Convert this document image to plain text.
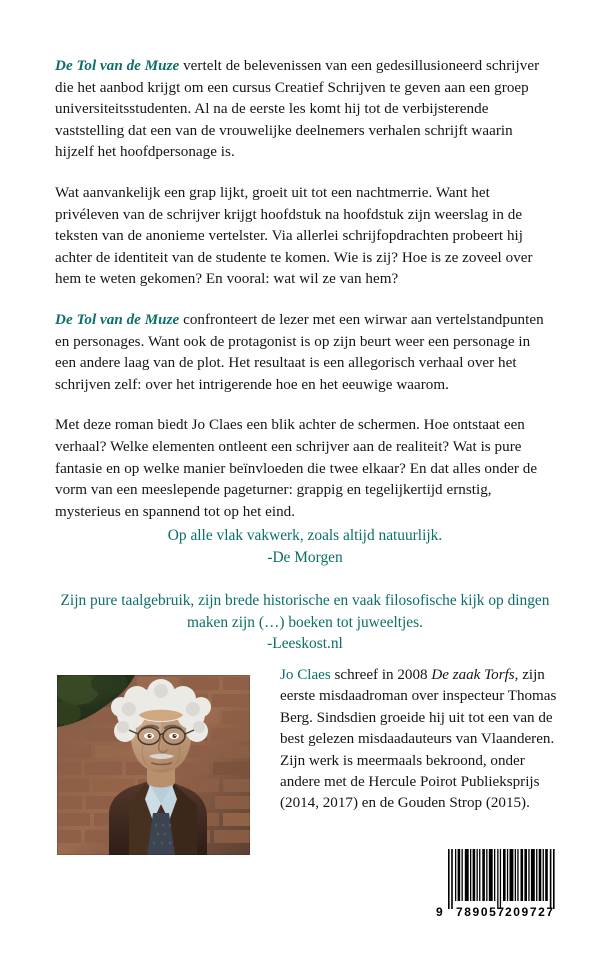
De Tol van de Muze vertelt de belevenissen van een gedesillusioneerd schrijver die het aanbod krijgt om een cursus Creatief Schrijven te geven aan een groep universiteitsstudenten. Al na de eerste les komt hij tot de verbijsterende vaststelling dat een van de vrouwelijke deelnemers verhalen schrijft waarin hijzelf het hoofdpersonage is.

Wat aanvankelijk een grap lijkt, groeit uit tot een nachtmerrie. Want het privéleven van de schrijver krijgt hoofdstuk na hoofdstuk zijn weerslag in de teksten van de anonieme vertelster. Via allerlei schrijfopdrachten probeert hij achter de identiteit van de studente te komen. Wie is zij? Hoe is ze zoveel over hem te weten gekomen? En vooral: wat wil ze van hem?

De Tol van de Muze confronteert de lezer met een wirwar aan vertelstandpunten en personages. Want ook de protagonist is op zijn beurt weer een personage in een andere laag van de plot. Het resultaat is een allegorisch verhaal over het schrijven zelf: over het intrigerende hoe en het eeuwige waarom.

Met deze roman biedt Jo Claes een blik achter de schermen. Hoe ontstaat een verhaal? Welke elementen ontleent een schrijver aan de realiteit? Wat is pure fantasie en op welke manier beïnvloeden die twee elkaar? En dat alles onder de vorm van een meeslepende pageturner: grappig en tegelijkertijd ernstig, mysterieus en spannend tot op het eind.

Op alle vlak vakwerk, zoals altijd natuurlijk.

-De Morgen

Zijn pure taalgebruik, zijn brede historische en vaak filosofische kijk op dingen maken zijn (…) boeken tot juweeltjes.

-Leeskost.nl

Jo Claes schreef in 2008 De zaak Torfs, zijn eerste misdaadroman over inspecteur Thomas Berg. Sindsdien groeide hij uit tot een van de best gelezen misdaadauteurs van Vlaanderen. Zijn werk is meermaals bekroond, onder andere met de Hercule Poirot Publieksprijs (2014, 2017) en de Gouden Strop (2015).

9 789057 209727
